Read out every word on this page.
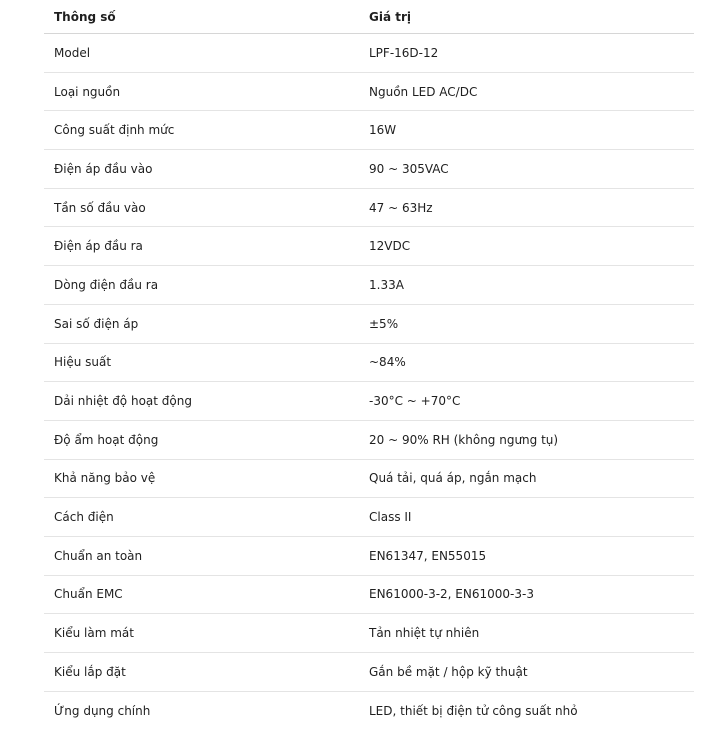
Thông số	Giá trị
Model	LPF-16D-12
Loại nguồn	Nguồn LED AC/DC
Công suất định mức	16W
Điện áp đầu vào	90 ~ 305VAC
Tần số đầu vào	47 ~ 63Hz
Điện áp đầu ra	12VDC
Dòng điện đầu ra	1.33A
Sai số điện áp	±5%
Hiệu suất	~84%
Dải nhiệt độ hoạt động	-30°C ~ +70°C
Độ ẩm hoạt động	20 ~ 90% RH (không ngưng tụ)
Khả năng bảo vệ	Quá tải, quá áp, ngắn mạch
Cách điện	Class II
Chuẩn an toàn	EN61347, EN55015
Chuẩn EMC	EN61000-3-2, EN61000-3-3
Kiểu làm mát	Tản nhiệt tự nhiên
Kiểu lắp đặt	Gắn bề mặt / hộp kỹ thuật
Ứng dụng chính	LED, thiết bị điện tử công suất nhỏ
